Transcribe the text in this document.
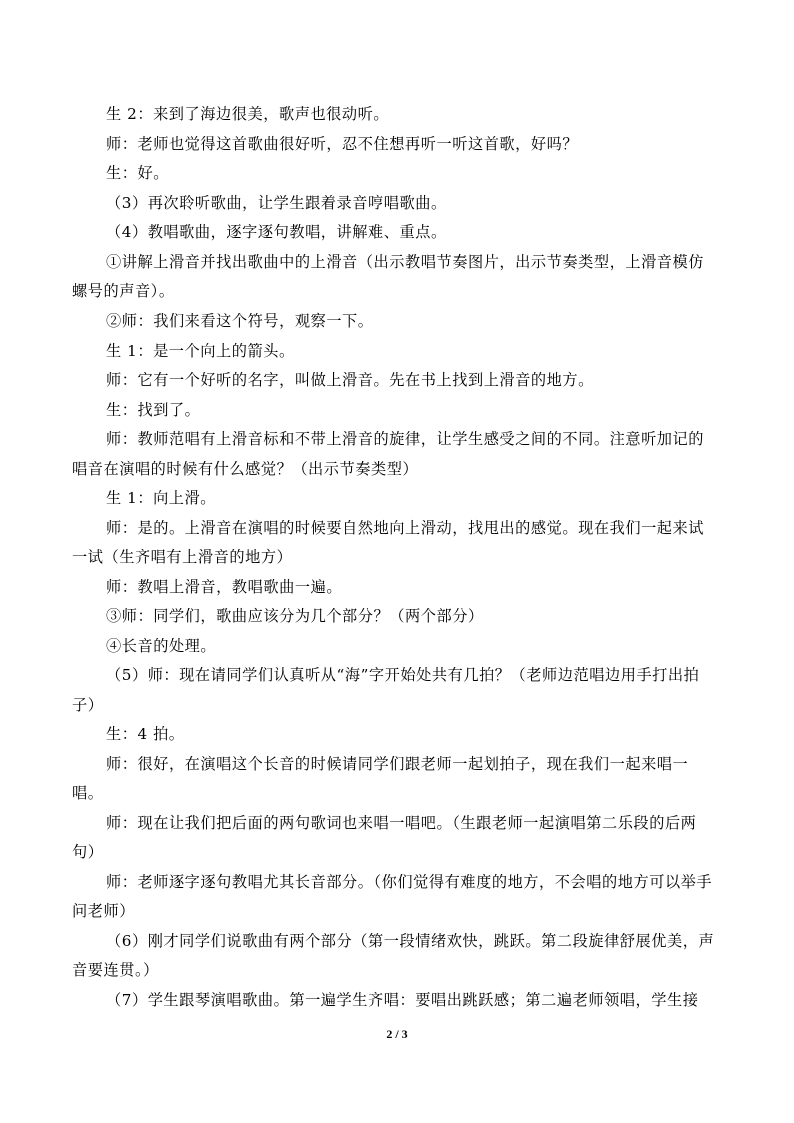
生 2：来到了海边很美，歌声也很动听。
师：老师也觉得这首歌曲很好听，忍不住想再听一听这首歌，好吗？
生：好。
（3）再次聆听歌曲，让学生跟着录音哼唱歌曲。
（4）教唱歌曲，逐字逐句教唱，讲解难、重点。
①讲解上滑音并找出歌曲中的上滑音（出示教唱节奏图片，出示节奏类型，上滑音模仿
螺号的声音）。
②师：我们来看这个符号，观察一下。
生 1：是一个向上的箭头。
师：它有一个好听的名字，叫做上滑音。先在书上找到上滑音的地方。
生：找到了。
师：教师范唱有上滑音标和不带上滑音的旋律，让学生感受之间的不同。注意听加记的
唱音在演唱的时候有什么感觉？（出示节奏类型）
生 1：向上滑。
师：是的。上滑音在演唱的时候要自然地向上滑动，找甩出的感觉。现在我们一起来试
一试（生齐唱有上滑音的地方）
师：教唱上滑音，教唱歌曲一遍。
③师：同学们，歌曲应该分为几个部分？（两个部分）
④长音的处理。
（5）师：现在请同学们认真听从“海”字开始处共有几拍？（老师边范唱边用手打出拍
子）
生：4 拍。
师：很好，在演唱这个长音的时候请同学们跟老师一起划拍子，现在我们一起来唱一
唱。
师：现在让我们把后面的两句歌词也来唱一唱吧。（生跟老师一起演唱第二乐段的后两
句）
师：老师逐字逐句教唱尤其长音部分。（你们觉得有难度的地方，不会唱的地方可以举手
问老师）
（6）刚才同学们说歌曲有两个部分（第一段情绪欢快，跳跃。第二段旋律舒展优美，声
音要连贯。）
（7）学生跟琴演唱歌曲。第一遍学生齐唱：要唱出跳跃感；第二遍老师领唱，学生接
2 / 3
